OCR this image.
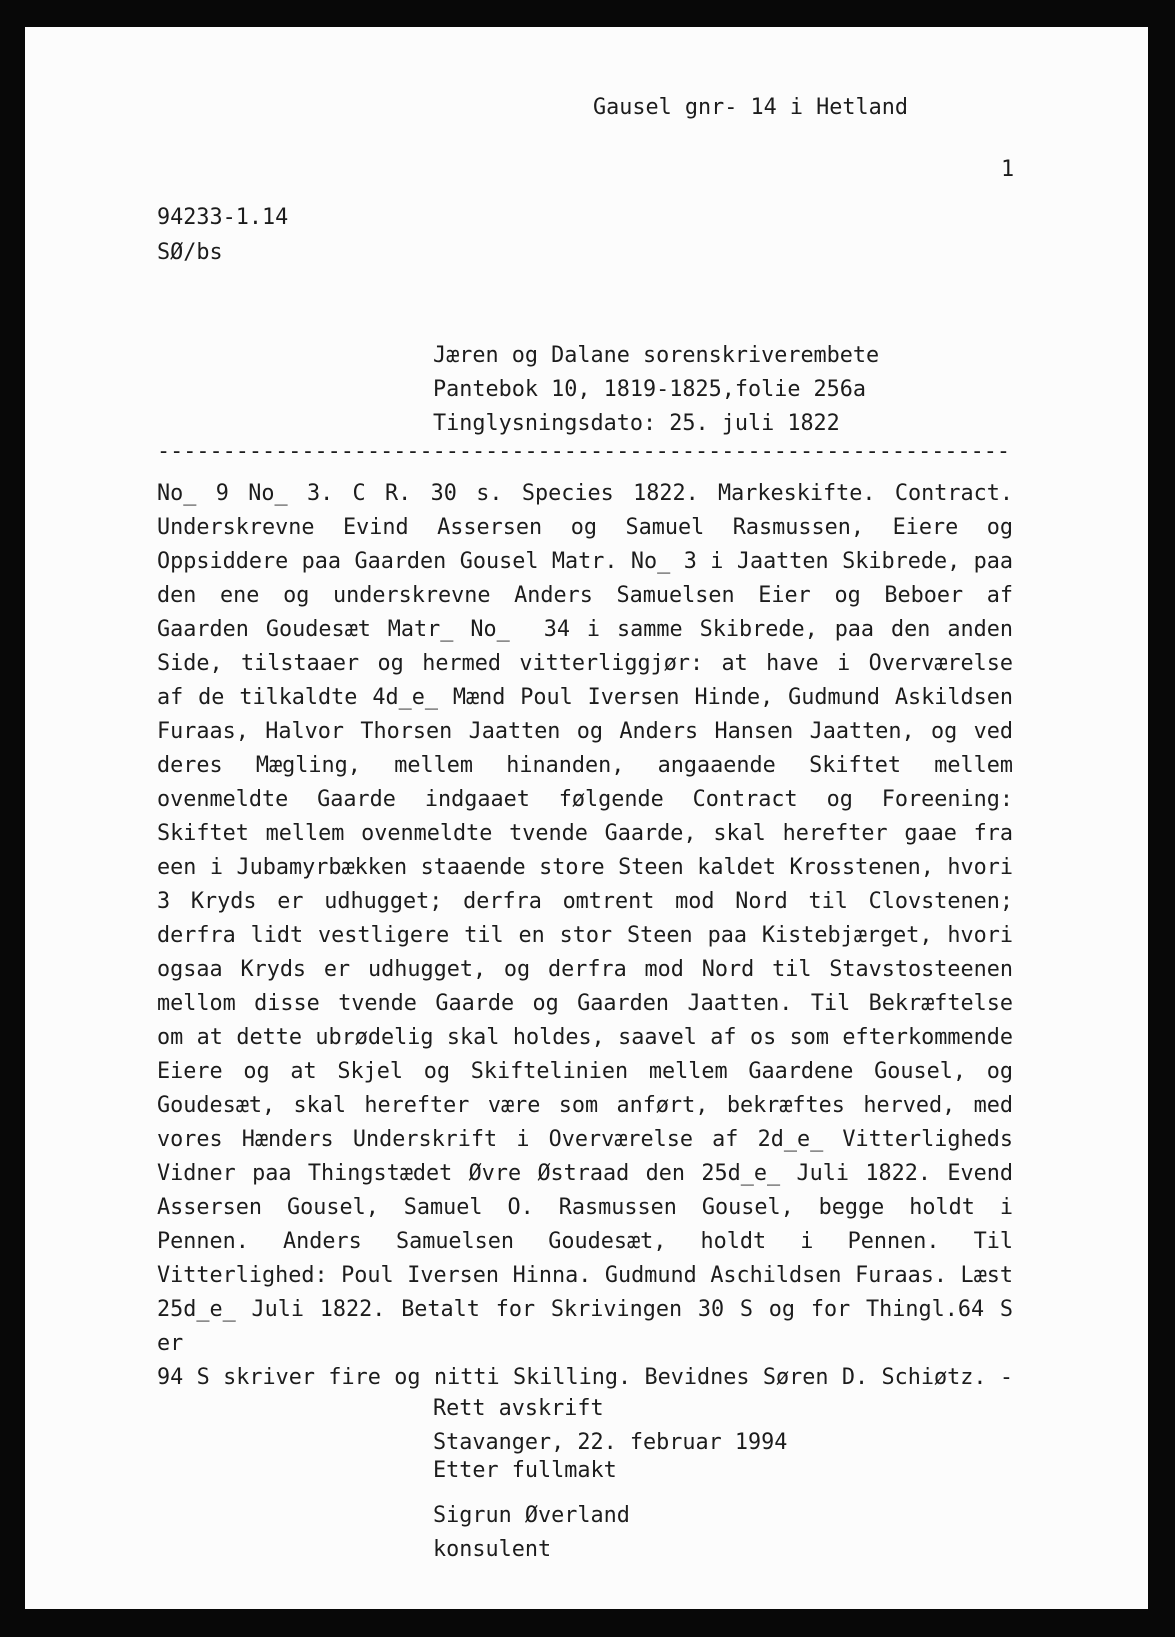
Gausel gnr- 14 i Hetland
1
94233-1.14
SØ/bs
Jæren og Dalane sorenskriverembete
Pantebok 10, 1819-1825,folie 256a
Tinglysningsdato: 25. juli 1822
-----------------------------------------------------------------
No̲ 9 No̲ 3. C R. 30 s. Species 1822. Markeskifte. Contract.
Underskrevne Evind Assersen og Samuel Rasmussen, Eiere og
Oppsiddere paa Gaarden Gousel Matr. No̲ 3 i Jaatten Skibrede, paa
den ene og underskrevne Anders Samuelsen Eier og Beboer af
Gaarden Goudesæt Matr̲ No̲  34 i samme Skibrede, paa den anden
Side, tilstaaer og hermed vitterliggjør: at have i Overværelse
af de tilkaldte 4d̲e̲ Mænd Poul Iversen Hinde, Gudmund Askildsen
Furaas, Halvor Thorsen Jaatten og Anders Hansen Jaatten, og ved
deres Mægling, mellem hinanden, angaaende Skiftet mellem
ovenmeldte Gaarde indgaaet følgende Contract og Foreening:
Skiftet mellem ovenmeldte tvende Gaarde, skal herefter gaae fra
een i Jubamyrbækken staaende store Steen kaldet Krosstenen, hvori
3 Kryds er udhugget; derfra omtrent mod Nord til Clovstenen;
derfra lidt vestligere til en stor Steen paa Kistebjærget, hvori
ogsaa Kryds er udhugget, og derfra mod Nord til Stavstosteenen
mellom disse tvende Gaarde og Gaarden Jaatten. Til Bekræftelse
om at dette ubrødelig skal holdes, saavel af os som efterkommende
Eiere og at Skjel og Skiftelinien mellem Gaardene Gousel, og
Goudesæt, skal herefter være som anført, bekræftes herved, med
vores Hænders Underskrift i Overværelse af 2d̲e̲ Vitterligheds
Vidner paa Thingstædet Øvre Østraad den 25d̲e̲ Juli 1822. Evend
Assersen Gousel, Samuel O. Rasmussen Gousel, begge holdt i
Pennen. Anders Samuelsen Goudesæt, holdt i Pennen. Til
Vitterlighed: Poul Iversen Hinna. Gudmund Aschildsen Furaas. Læst
25d̲e̲ Juli 1822. Betalt for Skrivingen 30 S og for Thingl.64 S er
94 S skriver fire og nitti Skilling. Bevidnes Søren D. Schiøtz. -
Rett avskrift
Stavanger, 22. februar 1994
Etter fullmakt
Sigrun Øverland
konsulent
